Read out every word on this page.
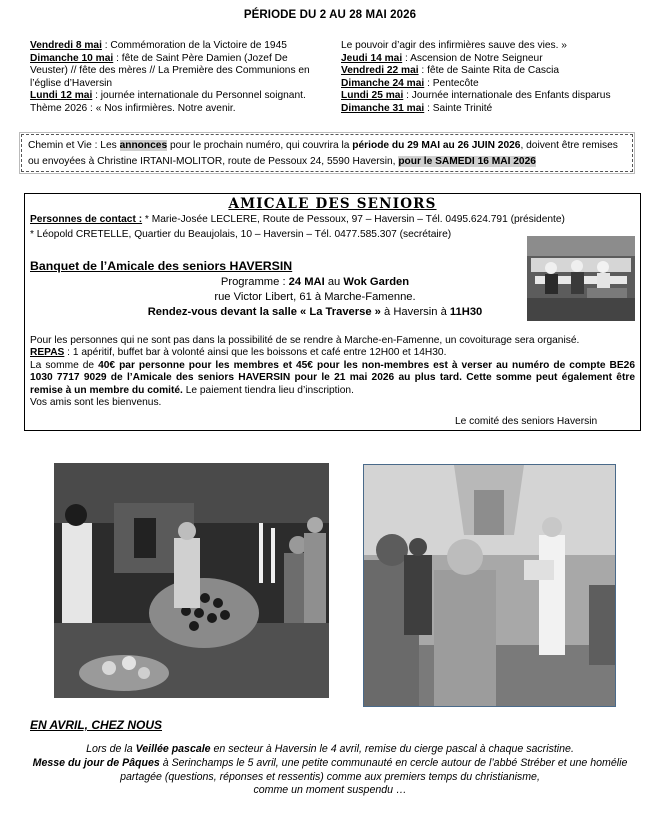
PÉRIODE DU 2 AU 28 MAI 2026
Vendredi 8 mai : Commémoration de la Victoire de 1945
Dimanche 10 mai : fête de Saint Père Damien (Jozef De Veuster) // fête des mères // La Première des Communions en l’église d’Haversin
Lundi 12 mai : journée internationale du Personnel soignant. Thème 2026 : « Nos infirmières. Notre avenir.
Le pouvoir d’agir des infirmières sauve des vies. »
Jeudi 14 mai : Ascension de Notre Seigneur
Vendredi 22 mai : fête de Sainte Rita de Cascia
Dimanche 24 mai : Pentecôte
Lundi 25 mai : Journée internationale des Enfants disparus
Dimanche 31 mai : Sainte Trinité
Chemin et Vie : Les annonces pour le prochain numéro, qui couvrira la période du 29 MAI au 26 JUIN 2026, doivent être remises ou envoyées à Christine IRTANI-MOLITOR, route de Pessoux 24, 5590 Haversin, pour le SAMEDI 16 MAI 2026
AMICALE DES SENIORS
Personnes de contact : * Marie-Josée LECLERE, Route de Pessoux, 97 – Haversin – Tél. 0495.624.791 (présidente)
* Léopold CRETELLE, Quartier du Beaujolais, 10 – Haversin – Tél. 0477.585.307 (secrétaire)
Banquet de l’Amicale des seniors HAVERSIN
Programme : 24 MAI au Wok Garden
rue Victor Libert, 61 à Marche-Famenne.
Rendez-vous devant la salle « La Traverse » à Haversin à 11H30
Pour les personnes qui ne sont pas dans la possibilité de se rendre à Marche-en-Famenne, un covoiturage sera organisé.
REPAS : 1 apéritif, buffet bar à volonté ainsi que les boissons et café entre 12H00 et 14H30.
La somme de 40€ par personne pour les membres et 45€ pour les non-membres est à verser au numéro de compte BE26 1030 7717 9029 de l’Amicale des seniors HAVERSIN pour le 21 mai 2026 au plus tard. Cette somme peut également être remise à un membre du comité. Le paiement tiendra lieu d’inscription.
Vos amis sont les bienvenus.
Le comité des seniors Haversin
EN AVRIL, CHEZ NOUS
Lors de la Veillée pascale en secteur à Haversin le 4 avril, remise du cierge pascal à chaque sacristine.
Messe du jour de Pâques à Serinchamps le 5 avril, une petite communauté en cercle autour de l’abbé Stréber et une homélie partagée (questions, réponses et ressentis) comme aux premiers temps du christianisme,
comme un moment suspendu …
